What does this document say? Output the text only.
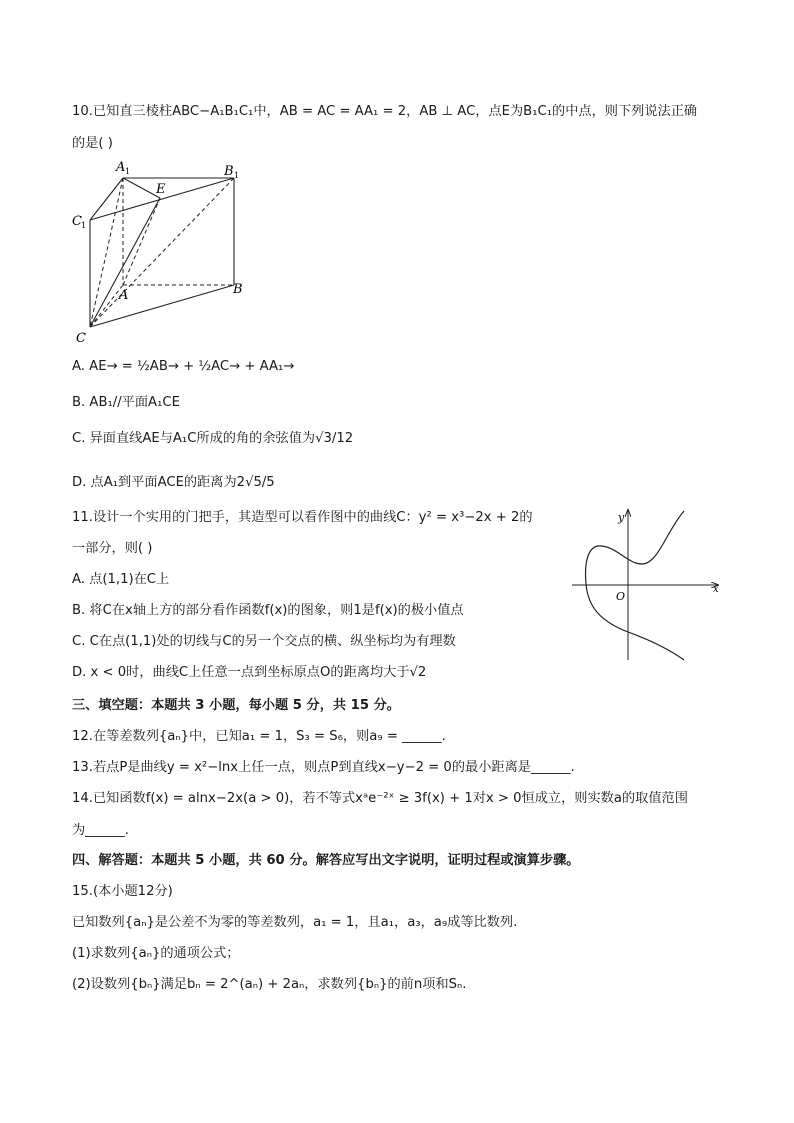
10.已知直三棱柱ABC−A₁B₁C₁中，AB = AC = AA₁ = 2，AB ⊥ AC，点E为B₁C₁的中点，则下列说法正确
的是( )
A 1	B 1
C 1
E
A	B
C
A. AE→ = ½AB→ + ½AC→ + AA₁→
B. AB₁//平面A₁CE
C. 异面直线AE与A₁C所成的角的余弦值为√3/12
D. 点A₁到平面ACE的距离为2√5/5
11.设计一个实用的门把手，其造型可以看作图中的曲线C：y² = x³−2x + 2的
一部分，则( )
A. 点(1,1)在C上
B. 将C在x轴上方的部分看作函数f(x)的图象，则1是f(x)的极小值点
C. C在点(1,1)处的切线与C的另一个交点的横、纵坐标均为有理数
D. x < 0时，曲线C上任意一点到坐标原点O的距离均大于√2
y
x
O
三、填空题：本题共 3 小题，每小题 5 分，共 15 分。
12.在等差数列{aₙ}中，已知a₁ = 1，S₃ = S₆，则a₉ = ______.
13.若点P是曲线y = x²−lnx上任一点，则点P到直线x−y−2 = 0的最小距离是______.
14.已知函数f(x) = alnx−2x(a > 0)，若不等式xᵃe⁻²ˣ ≥ 3f(x) + 1对x > 0恒成立，则实数a的取值范围
为______.
四、解答题：本题共 5 小题，共 60 分。解答应写出文字说明，证明过程或演算步骤。
15.(本小题12分)
已知数列{aₙ}是公差不为零的等差数列，a₁ = 1，且a₁，a₃，a₉成等比数列.
(1)求数列{aₙ}的通项公式；
(2)设数列{bₙ}满足bₙ = 2^(aₙ) + 2aₙ，求数列{bₙ}的前n项和Sₙ.
